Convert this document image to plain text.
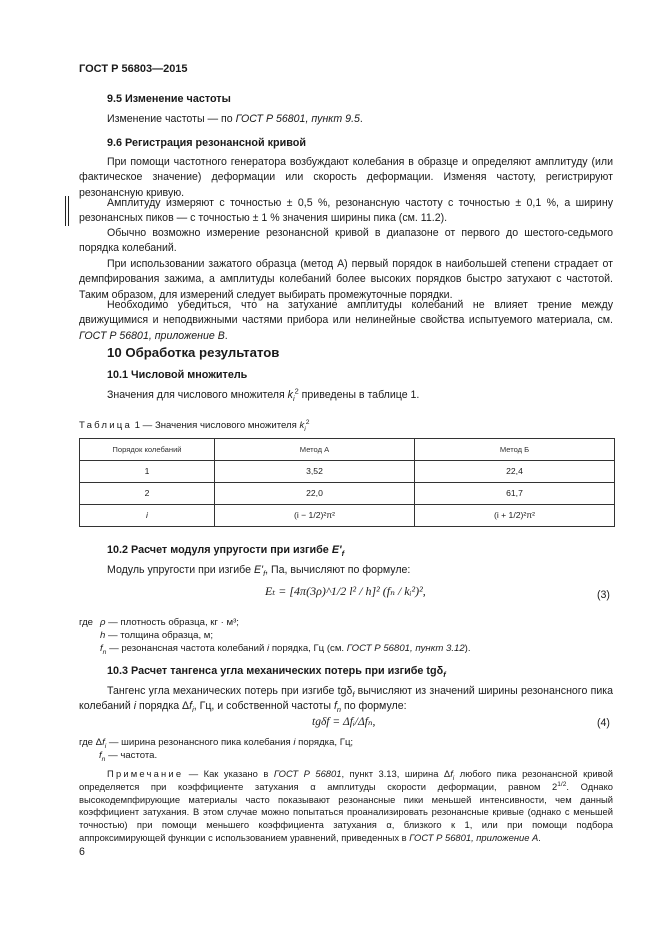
ГОСТ Р 56803—2015
9.5 Изменение частоты
Изменение частоты — по ГОСТ Р 56801, пункт 9.5.
9.6 Регистрация резонансной кривой
При помощи частотного генератора возбуждают колебания в образце и определяют амплитуду (или фактическое значение) деформации или скорость деформации. Изменяя частоту, регистрируют резонансную кривую.
Амплитуду измеряют с точностью ± 0,5 %, резонансную частоту с точностью ± 0,1 %, а ширину резонансных пиков — с точностью ± 1 % значения ширины пика (см. 11.2).
Обычно возможно измерение резонансной кривой в диапазоне от первого до шестого-седьмого порядка колебаний.
При использовании зажатого образца (метод А) первый порядок в наибольшей степени страдает от демпфирования зажима, а амплитуды колебаний более высоких порядков быстро затухают с частотой. Таким образом, для измерений следует выбирать промежуточные порядки.
Необходимо убедиться, что на затухание амплитуды колебаний не влияет трение между движущимися и неподвижными частями прибора или нелинейные свойства испытуемого материала, см. ГОСТ Р 56801, приложение В.
10 Обработка результатов
10.1 Числовой множитель
Значения для числового множителя $k_i^2$ приведены в таблице 1.
Таблица 1 — Значения числового множителя $k_i^2$
Порядок колебаний	Метод А	Метод Б
1	3,52	22,4
2	22,0	61,7
i	(i − 1/2)²π²	(i + 1/2)²π²
10.2 Расчет модуля упругости при изгибе $E'_f$
Модуль упругости при изгибе $E'_f$, Па, вычисляют по формуле:
Eₜ = [4π(3ρ)^1/2 l² / h]² (fₙ / kᵢ²)²,	(3)
где ρ — плотность образца, кг · м³;
h — толщина образца, м;
$f_n$ — резонансная частота колебаний i порядка, Гц (см. ГОСТ Р 56801, пункт 3.12).
10.3 Расчет тангенса угла механических потерь при изгибе tgδ$_f$
Тангенс угла механических потерь при изгибе tgδ$_f$ вычисляют из значений ширины резонансного пика колебаний i порядка $\Delta f_i$, Гц, и собственной частоты $f_n$ по формуле:
tgδf = Δfᵢ/Δfₙ,	(4)
где $\Delta f_i$ — ширина резонансного пика колебания i порядка, Гц;
$f_n$ — частота.
Примечание — Как указано в ГОСТ Р 56801, пункт 3.13, ширина $\Delta f_i$ любого пика резонансной кривой определяется при коэффициенте затухания α амплитуды скорости деформации, равном $2^{1/2}$. Однако высокодемпфирующие материалы часто показывают резонансные пики меньшей интенсивности, чем данный коэффициент затухания. В этом случае можно попытаться проанализировать резонансные кривые (однако с меньшей точностью) при помощи меньшего коэффициента затухания α, близкого к 1, или при помощи подбора аппроксимирующей функции с использованием уравнений, приведенных в ГОСТ Р 56801, приложение А.
6
